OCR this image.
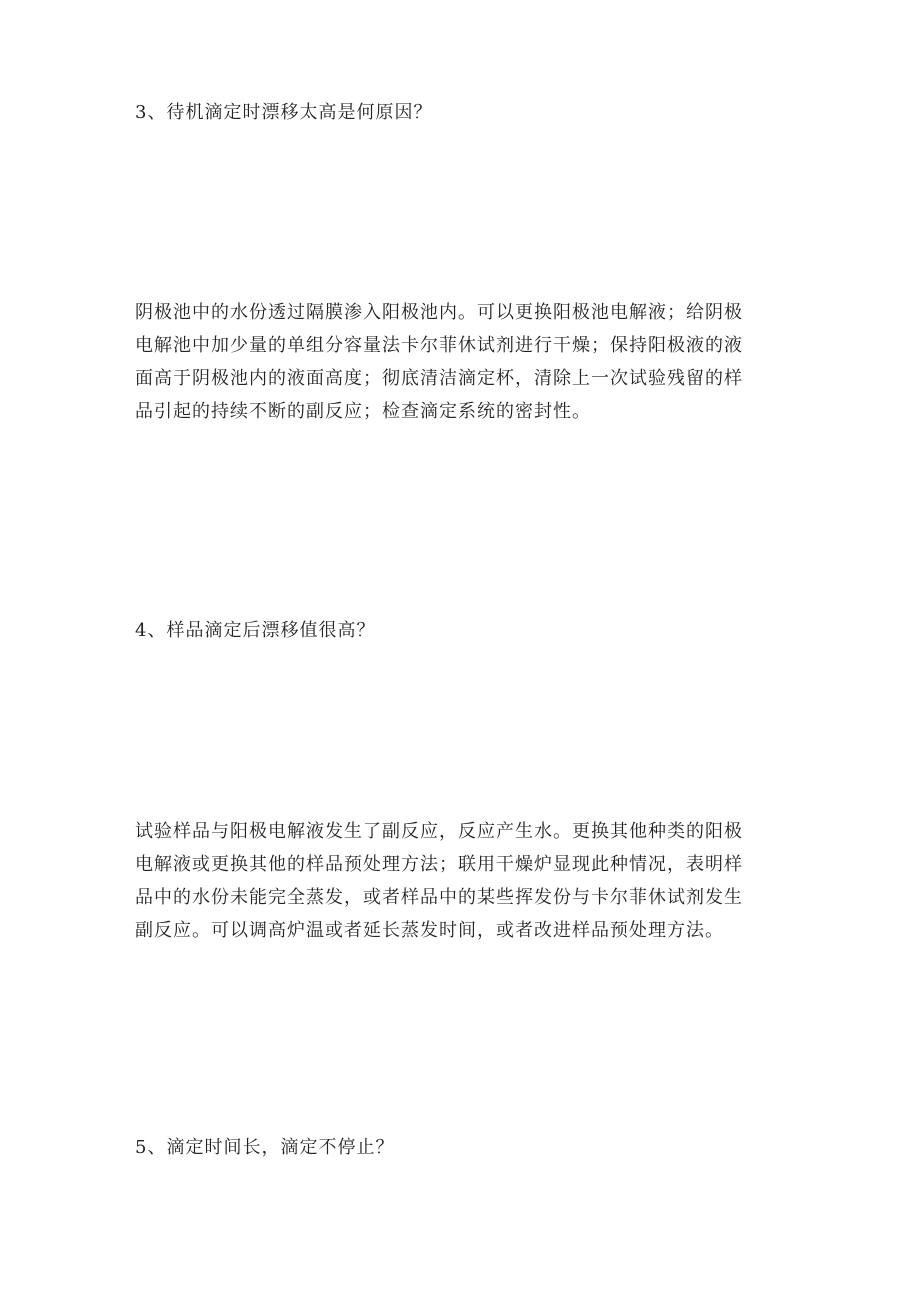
3、待机滴定时漂移太高是何原因？

阴极池中的水份透过隔膜渗入阳极池内。可以更换阳极池电解液；给阴极
电解池中加少量的单组分容量法卡尔菲休试剂进行干燥；保持阳极液的液
面高于阴极池内的液面高度；彻底清洁滴定杯，清除上一次试验残留的样
品引起的持续不断的副反应；检查滴定系统的密封性。

4、样品滴定后漂移值很高？

试验样品与阳极电解液发生了副反应，反应产生水。更换其他种类的阳极
电解液或更换其他的样品预处理方法；联用干燥炉显现此种情况，表明样
品中的水份未能完全蒸发，或者样品中的某些挥发份与卡尔菲休试剂发生
副反应。可以调高炉温或者延长蒸发时间，或者改进样品预处理方法。

5、滴定时间长，滴定不停止？
